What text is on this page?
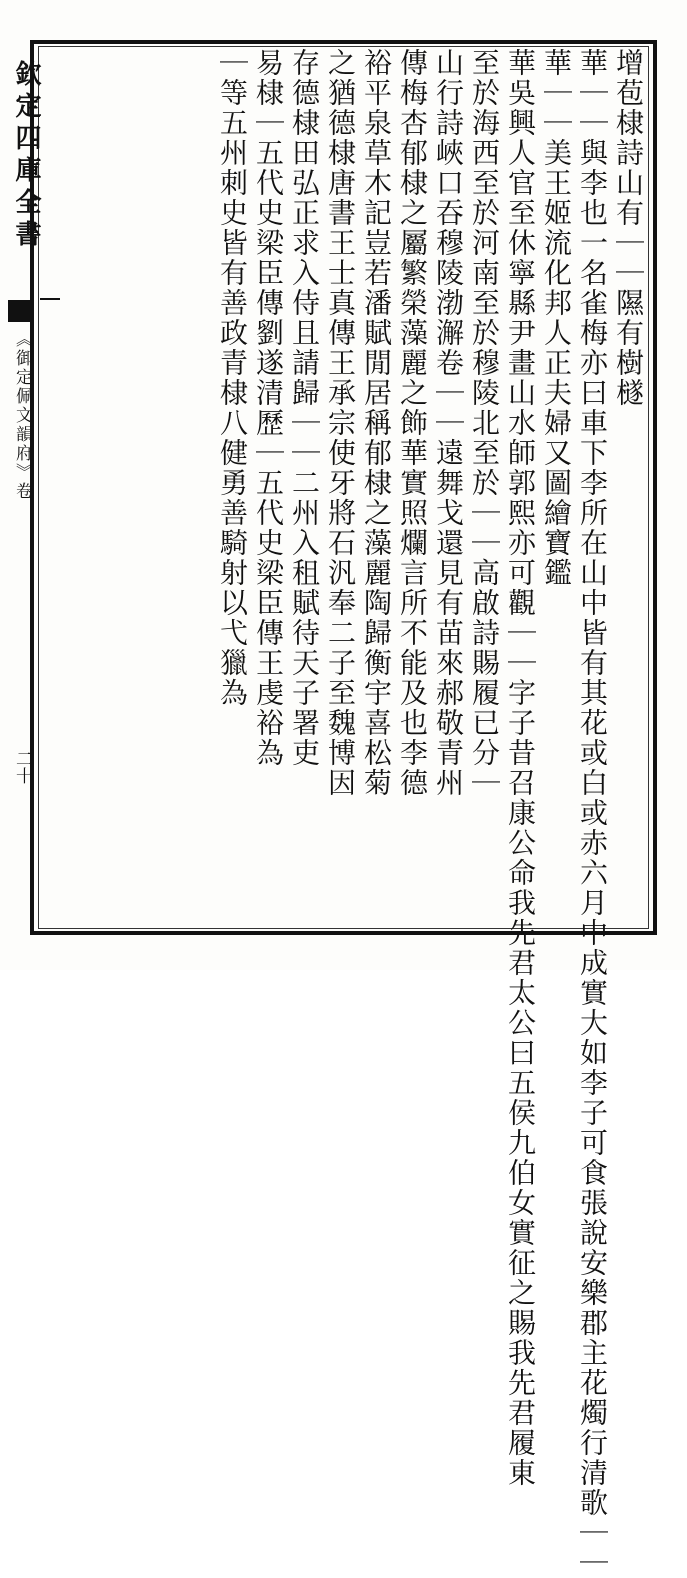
欽定四庫全書
《御定佩文韻府》卷
二十
增苞棣詩山有｜｜隰有樹檖
華｜｜與李也一名雀梅亦曰車下李所在山中皆有其花或白或赤六月中成實大如李子可食張說安樂郡主花燭行清歌｜｜
華｜｜美王姬流化邦人正夫婦又圖繪寶鑑
華吳興人官至休寧縣尹畫山水師郭熙亦可觀｜｜字子昔召康公命我先君太公曰五侯九伯女實征之賜我先君履東
至於海西至於河南至於穆陵北至於｜｜高啟詩賜履已分｜
山行詩峽口吞穆陵渤澥卷｜｜遠舞戈還見有苗來郝敬青州
傳梅杏郁棣之屬繁榮藻麗之飾華實照爛言所不能及也李德
裕平泉草木記豈若潘賦閒居稱郁棣之藻麗陶歸衡宇喜松菊
之猶德棣唐書王士真傳王承宗使牙將石汎奉二子至魏博因
存德棣田弘正求入侍且請歸｜｜二州入租賦待天子署吏
易棣｜五代史梁臣傳劉遂清歷｜五代史梁臣傳王虔裕為
｜等五州刺史皆有善政青棣八健勇善騎射以弋獵為
